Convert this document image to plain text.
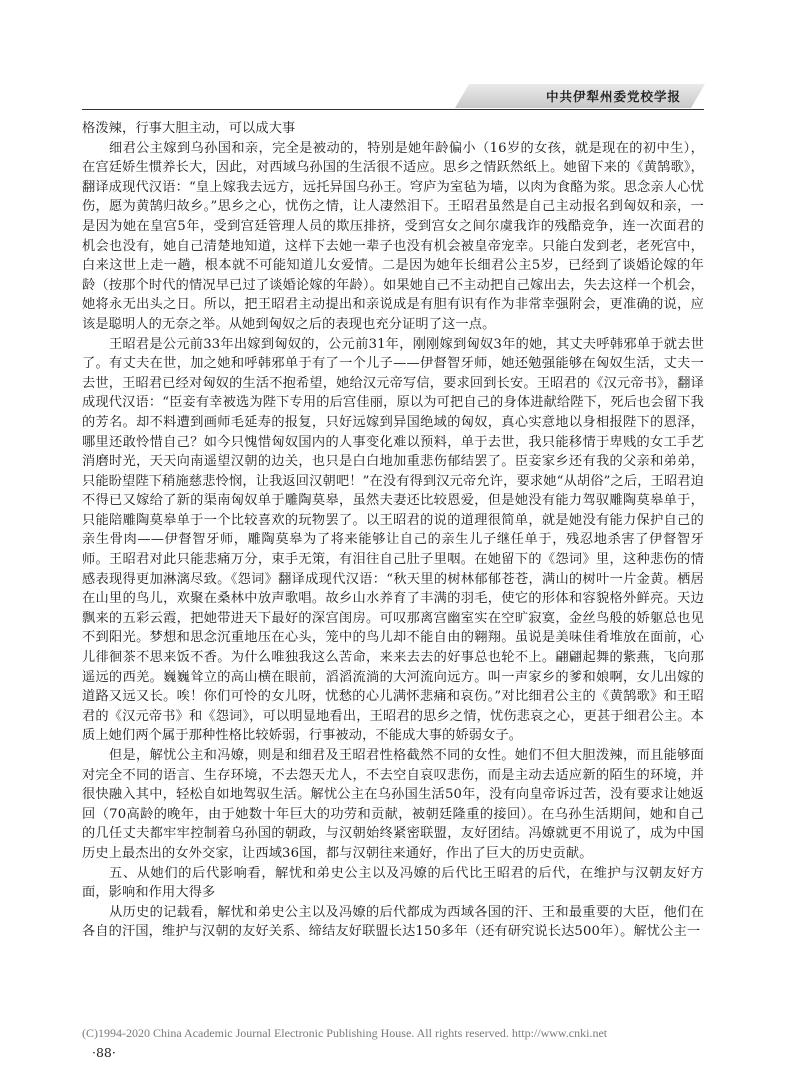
中共伊犁州委党校学报

格泼辣，行事大胆主动，可以成大事

细君公主嫁到乌孙国和亲，完全是被动的，特别是她年龄偏小（16岁的女孩，就是现在的初中生），在宫廷娇生惯养长大，因此，对西域乌孙国的生活很不适应。思乡之情跃然纸上。她留下来的《黄鹄歌》，翻译成现代汉语：“皇上嫁我去远方，远托异国乌孙王。穹庐为室毡为墙，以肉为食酪为浆。思念亲人心忧伤，愿为黄鹄归故乡。”思乡之心，忧伤之情，让人凄然泪下。王昭君虽然是自己主动报名到匈奴和亲，一是因为她在皇宫5年，受到宫廷管理人员的欺压排挤，受到宫女之间尔虞我诈的残酷竞争，连一次面君的机会也没有，她自己清楚地知道，这样下去她一辈子也没有机会被皇帝宠幸。只能白发到老，老死宫中，白来这世上走一趟，根本就不可能知道儿女爱情。二是因为她年长细君公主5岁，已经到了谈婚论嫁的年龄（按那个时代的情况早已过了谈婚论嫁的年龄）。如果她自己不主动把自己嫁出去，失去这样一个机会，她将永无出头之日。所以，把王昭君主动提出和亲说成是有胆有识有作为非常幸强附会，更准确的说，应该是聪明人的无奈之举。从她到匈奴之后的表现也充分证明了这一点。

王昭君是公元前33年出嫁到匈奴的，公元前31年，刚刚嫁到匈奴3年的她，其丈夫呼韩邪单于就去世了。有丈夫在世，加之她和呼韩邪单于有了一个儿子——伊督智牙师，她还勉强能够在匈奴生活，丈夫一去世，王昭君已经对匈奴的生活不抱希望，她给汉元帝写信，要求回到长安。王昭君的《汉元帝书》，翻译成现代汉语：“臣妾有幸被选为陛下专用的后宫佳丽，原以为可把自己的身体进献给陛下，死后也会留下我的芳名。却不料遭到画师毛延寿的报复，只好远嫁到异国绝域的匈奴，真心实意地以身相报陛下的恩泽，哪里还敢怜惜自己？如今只愧惜匈奴国内的人事变化难以预料，单于去世，我只能移情于卑贱的女工手艺消磨时光，天天向南遥望汉朝的边关，也只是白白地加重悲伤郁结罢了。臣妾家乡还有我的父亲和弟弟，只能盼望陛下稍施慈悲怜悯，让我返回汉朝吧！”在没有得到汉元帝允许，要求她“从胡俗”之后，王昭君迫不得已又嫁给了新的渠南匈奴单于雕陶莫皋，虽然夫妻还比较恩爱，但是她没有能力驾驭雕陶莫皋单于，只能陪雕陶莫皋单于一个比较喜欢的玩物罢了。以王昭君的说的道理很简单，就是她没有能力保护自己的亲生骨肉——伊督智牙师，雕陶莫皋为了将来能够让自己的亲生儿子继任单于，残忍地杀害了伊督智牙师。王昭君对此只能悲痛万分，束手无策，有泪往自己肚子里咽。在她留下的《怨词》里，这种悲伤的情感表现得更加淋漓尽致。《怨词》翻译成现代汉语：“秋天里的树林郁郁苍苍，满山的树叶一片金黄。栖居在山里的鸟儿，欢聚在桑林中放声歌唱。故乡山水养育了丰满的羽毛，使它的形体和容貌格外鲜亮。天边飘来的五彩云霞，把她带进天下最好的深宫闺房。可叹那离宫幽室实在空旷寂寞，金丝鸟般的娇躯总也见不到阳光。梦想和思念沉重地压在心头，笼中的鸟儿却不能自由的翱翔。虽说是美味佳肴堆放在面前，心儿徘徊茶不思来饭不香。为什么唯独我这么苦命，来来去去的好事总也轮不上。翩翩起舞的紫燕，飞向那遥远的西羌。巍巍耸立的高山横在眼前，滔滔流淌的大河流向远方。叫一声家乡的爹和娘啊，女儿出嫁的道路又远又长。唉！你们可怜的女儿呀，忧愁的心儿满怀悲痛和哀伤。”对比细君公主的《黄鹄歌》和王昭君的《汉元帝书》和《怨词》，可以明显地看出，王昭君的思乡之情，忧伤悲哀之心，更甚于细君公主。本质上她们两个属于那种性格比较娇弱，行事被动，不能成大事的娇弱女子。

但是，解忧公主和冯嫽，则是和细君及王昭君性格截然不同的女性。她们不但大胆泼辣，而且能够面对完全不同的语言、生存环境，不去怨天尤人，不去空自哀叹悲伤，而是主动去适应新的陌生的环境，并很快融入其中，轻松自如地驾驭生活。解忧公主在乌孙国生活50年，没有向皇帝诉过苦，没有要求让她返回（70高龄的晚年，由于她数十年巨大的功劳和贡献，被朝廷隆重的接回）。在乌孙生活期间，她和自己的几任丈夫都牢牢控制着乌孙国的朝政，与汉朝始终紧密联盟，友好团结。冯嫽就更不用说了，成为中国历史上最杰出的女外交家，让西域36国，都与汉朝往来通好，作出了巨大的历史贡献。

五、从她们的后代影响看，解忧和弟史公主以及冯嫽的后代比王昭君的后代，在维护与汉朝友好方面，影响和作用大得多

从历史的记载看，解忧和弟史公主以及冯嫽的后代都成为西域各国的汗、王和最重要的大臣，他们在各自的汗国，维护与汉朝的友好关系、缔结友好联盟长达150多年（还有研究说长达500年）。解忧公主一

(C)1994-2020 China Academic Journal Electronic Publishing House. All rights reserved. http://www.cnki.net
·88·
